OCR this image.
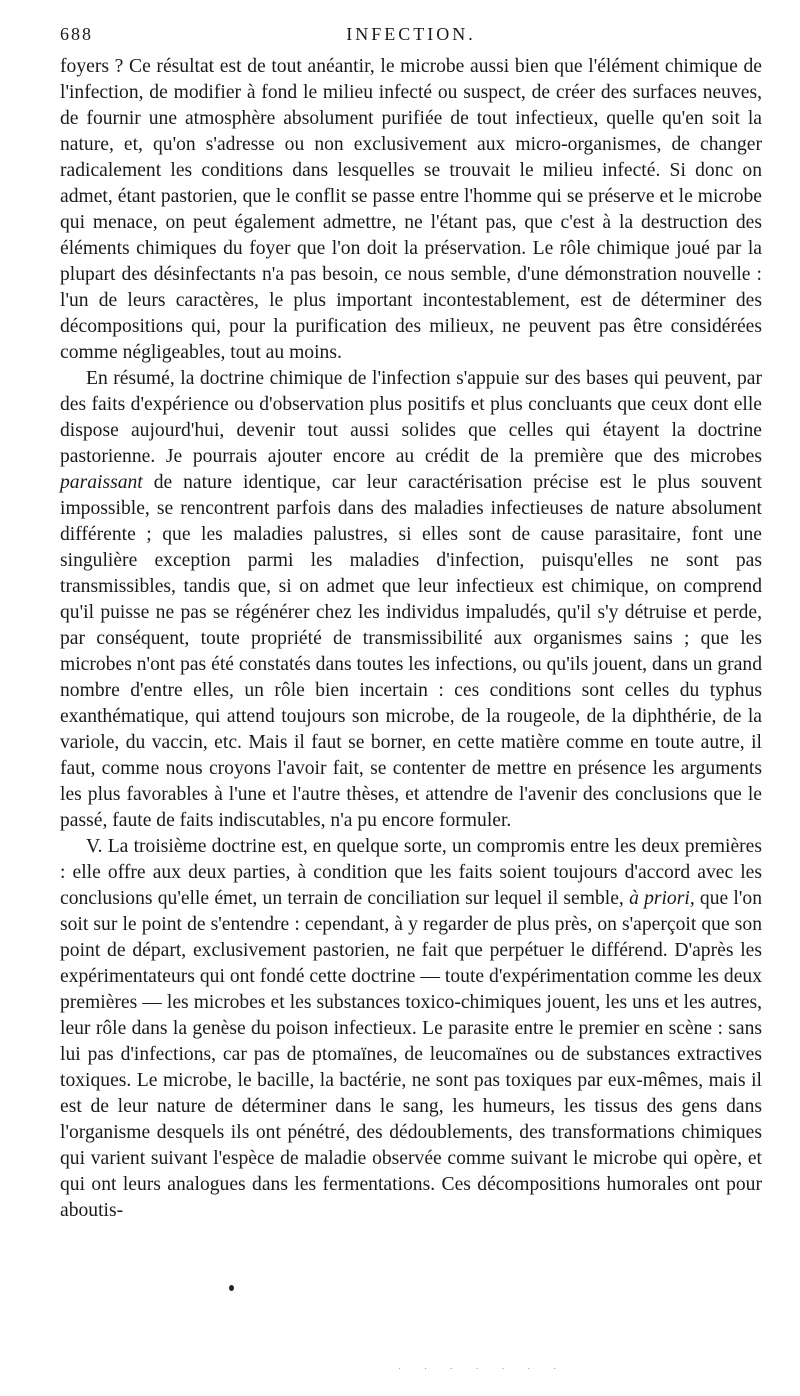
688	INFECTION.

foyers ? Ce résultat est de tout anéantir, le microbe aussi bien que l'élément chimique de l'infection, de modifier à fond le milieu infecté ou suspect, de créer des surfaces neuves, de fournir une atmosphère absolument purifiée de tout infectieux, quelle qu'en soit la nature, et, qu'on s'adresse ou non exclusivement aux micro-organismes, de changer radicalement les conditions dans lesquelles se trouvait le milieu infecté. Si donc on admet, étant pastorien, que le conflit se passe entre l'homme qui se préserve et le microbe qui menace, on peut également admettre, ne l'étant pas, que c'est à la destruction des éléments chimiques du foyer que l'on doit la préservation. Le rôle chimique joué par la plupart des désinfectants n'a pas besoin, ce nous semble, d'une démonstration nouvelle : l'un de leurs caractères, le plus important incontestablement, est de déterminer des décompositions qui, pour la purification des milieux, ne peuvent pas être considérées comme négligeables, tout au moins.

En résumé, la doctrine chimique de l'infection s'appuie sur des bases qui peuvent, par des faits d'expérience ou d'observation plus positifs et plus concluants que ceux dont elle dispose aujourd'hui, devenir tout aussi solides que celles qui étayent la doctrine pastorienne. Je pourrais ajouter encore au crédit de la première que des microbes paraissant de nature identique, car leur caractérisation précise est le plus souvent impossible, se rencontrent parfois dans des maladies infectieuses de nature absolument différente ; que les maladies palustres, si elles sont de cause parasitaire, font une singulière exception parmi les maladies d'infection, puisqu'elles ne sont pas transmissibles, tandis que, si on admet que leur infectieux est chimique, on comprend qu'il puisse ne pas se régénérer chez les individus impaludés, qu'il s'y détruise et perde, par conséquent, toute propriété de transmissibilité aux organismes sains ; que les microbes n'ont pas été constatés dans toutes les infections, ou qu'ils jouent, dans un grand nombre d'entre elles, un rôle bien incertain : ces conditions sont celles du typhus exanthématique, qui attend toujours son microbe, de la rougeole, de la diphthérie, de la variole, du vaccin, etc. Mais il faut se borner, en cette matière comme en toute autre, il faut, comme nous croyons l'avoir fait, se contenter de mettre en présence les arguments les plus favorables à l'une et l'autre thèses, et attendre de l'avenir des conclusions que le passé, faute de faits indiscutables, n'a pu encore formuler.

V. La troisième doctrine est, en quelque sorte, un compromis entre les deux premières : elle offre aux deux parties, à condition que les faits soient toujours d'accord avec les conclusions qu'elle émet, un terrain de conciliation sur lequel il semble, à priori, que l'on soit sur le point de s'entendre : cependant, à y regarder de plus près, on s'aperçoit que son point de départ, exclusivement pastorien, ne fait que perpétuer le différend. D'après les expérimentateurs qui ont fondé cette doctrine — toute d'expérimentation comme les deux premières — les microbes et les substances toxico-chimiques jouent, les uns et les autres, leur rôle dans la genèse du poison infectieux. Le parasite entre le premier en scène : sans lui pas d'infections, car pas de ptomaïnes, de leucomaïnes ou de substances extractives toxiques. Le microbe, le bacille, la bactérie, ne sont pas toxiques par eux-mêmes, mais il est de leur nature de déterminer dans le sang, les humeurs, les tissus des gens dans l'organisme desquels ils ont pénétré, des dédoublements, des transformations chimiques qui varient suivant l'espèce de maladie observée comme suivant le microbe qui opère, et qui ont leurs analogues dans les fermentations. Ces décompositions humorales ont pour aboutis-

· · · · · · ·
